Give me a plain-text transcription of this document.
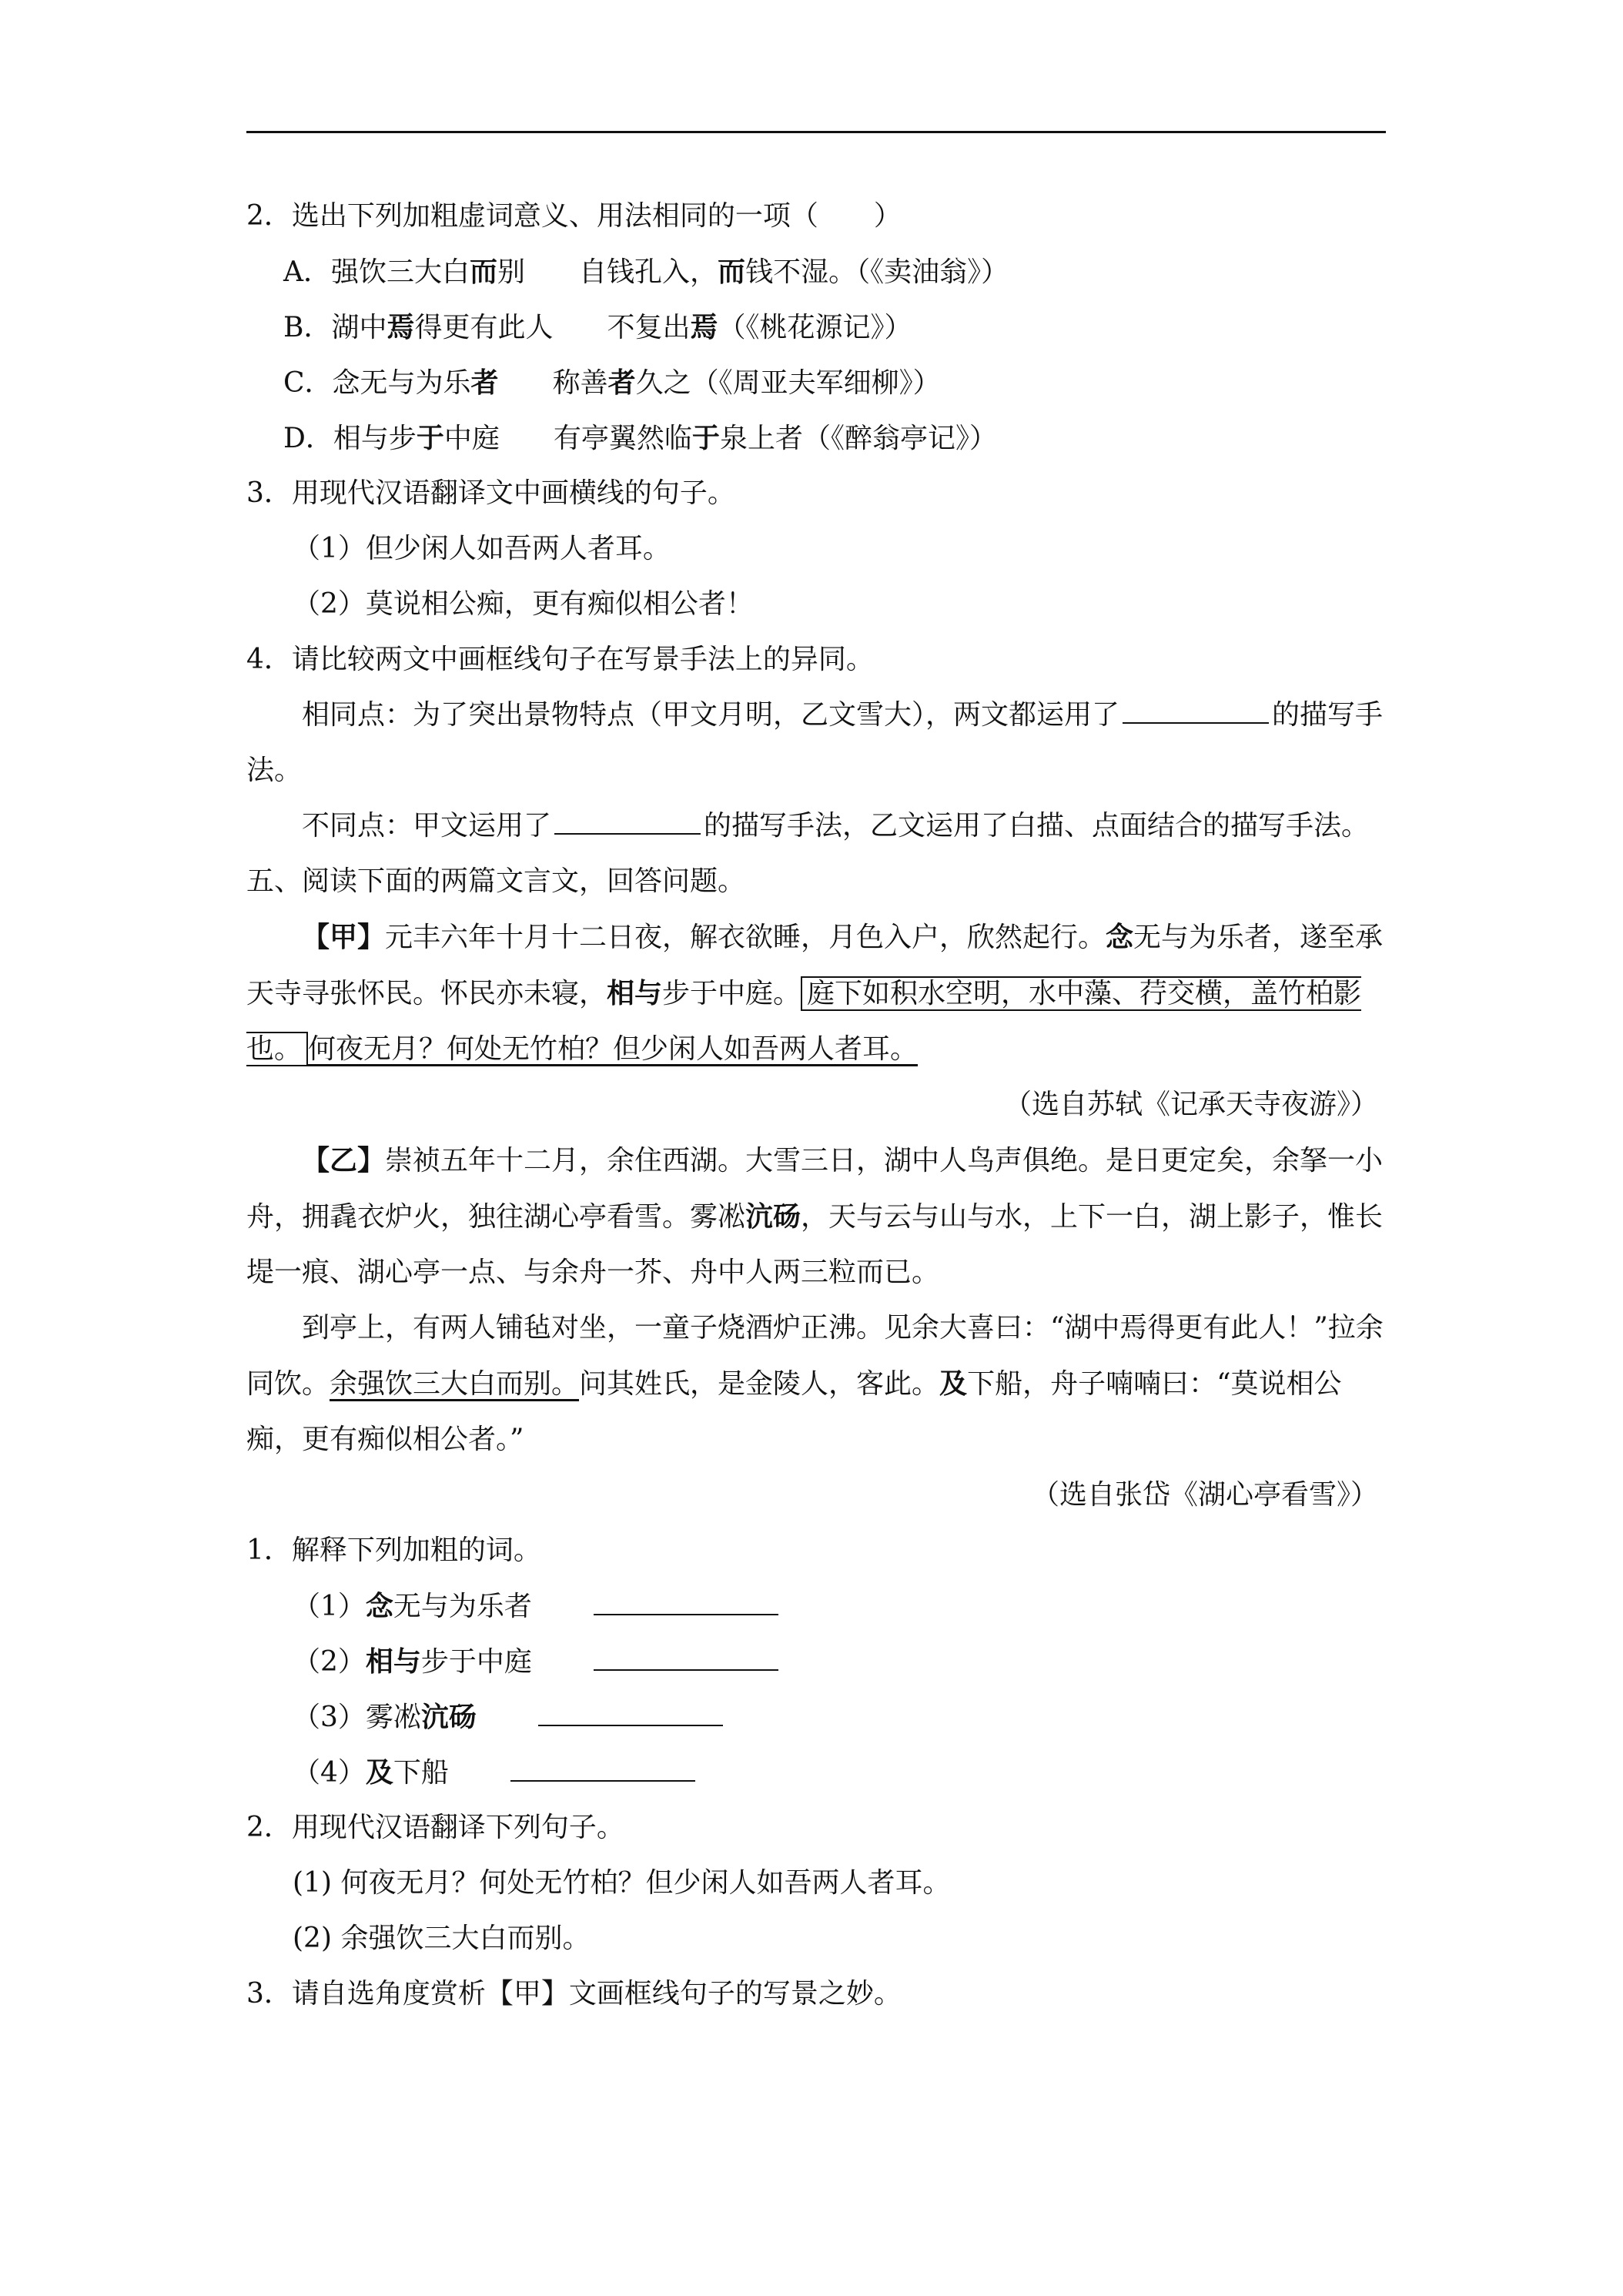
2．选出下列加粗虚词意义、用法相同的一项（　　）
A．强饮三大白而别 自钱孔入，而钱不湿。（《卖油翁》）
B．湖中焉得更有此人 不复出焉（《桃花源记》）
C．念无与为乐者 称善者久之（《周亚夫军细柳》）
D．相与步于中庭 有亭翼然临于泉上者（《醉翁亭记》）
3．用现代汉语翻译文中画横线的句子。
（1）但少闲人如吾两人者耳。
（2）莫说相公痴，更有痴似相公者！
4．请比较两文中画框线句子在写景手法上的异同。
相同点：为了突出景物特点（甲文月明，乙文雪大），两文都运用了	的描写手法。
不同点：甲文运用了	的描写手法，乙文运用了白描、点面结合的描写手法。
五、阅读下面的两篇文言文，回答问题。
【甲】元丰六年十月十二日夜，解衣欲睡，月色入户，欣然起行。念无与为乐者，遂至承天寺寻张怀民。怀民亦未寝，相与步于中庭。 庭下如积水空明，水中藻、荇交横，盖竹柏影也。 何夜无月？何处无竹柏？但少闲人如吾两人者耳。
（选自苏轼《记承天寺夜游》）
【乙】崇祯五年十二月，余住西湖。大雪三日，湖中人鸟声俱绝。是日更定矣，余拏一小舟，拥毳衣炉火，独往湖心亭看雪。雾凇沆砀，天与云与山与水，上下一白，湖上影子，惟长堤一痕、湖心亭一点、与余舟一芥、舟中人两三粒而已。
到亭上，有两人铺毡对坐，一童子烧酒炉正沸。见余大喜曰：“湖中焉得更有此人！”拉余同饮。余强饮三大白而别。问其姓氏，是金陵人，客此。及下船，舟子喃喃曰：“莫说相公痴，更有痴似相公者。”
（选自张岱《湖心亭看雪》）
1．解释下列加粗的词。
（1）念无与为乐者
（2）相与步于中庭
（3）雾凇沆砀
（4）及下船
2．用现代汉语翻译下列句子。
(1) 何夜无月？何处无竹柏？但少闲人如吾两人者耳。
(2) 余强饮三大白而别。
3．请自选角度赏析【甲】文画框线句子的写景之妙。
